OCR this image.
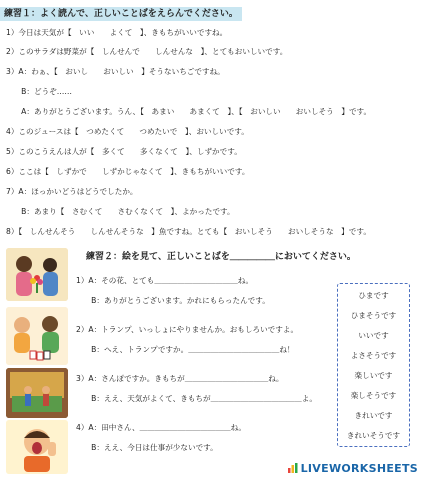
練習１：よく読んで、正しいことばをえらんでください。
1）今日は天気が【　いい　　よくて　】、きもちがいいですね。
2）このサラダは野菜が【　しんせんで　　しんせんな　】、とてもおいしいです。
3）A：わぁ、【　おいし　　おいしい　】そうないちごですね。
　　B：どうぞ……
　　A：ありがとうございます。うん、【　あまい　　あまくて　】、【　おいしい　　おいしそう　】です。
4）このジュースは【　つめたくて　　つめたいで　】、おいしいです。
5）このこうえんは人が【　多くて　　多くなくて　】、しずかです。
6）ここは【　しずかで　　しずかじゃなくて　】、きもちがいいです。
7）A：ほっかいどうはどうでしたか。
　　B：あまり【　さむくて　　さむくなくて　】、よかったです。
8）【　しんせんそう　　しんせんそうな　】魚ですね。とても【　おいしそう　　おいしそうな　】です。
練習２：絵を見て、正しいことばを＿＿＿＿＿においてください。
1）A：その花、とても＿＿＿＿＿＿＿＿＿＿＿ね。
　　B：ありがとうございます。かれにもらったんです。
2）A：トランプ、いっしょにやりませんか。おもしろいですよ。
　　B：へえ、トランプですか。＿＿＿＿＿＿＿＿＿＿＿＿ね！
3）A：さんぽですか。きもちが＿＿＿＿＿＿＿＿＿＿＿ね。
　　B：ええ、天気がよくて、きもちが＿＿＿＿＿＿＿＿＿＿＿＿よ。
4）A：田中さん、＿＿＿＿＿＿＿＿＿＿＿＿ね。
　　B：ええ、今日は仕事が少ないです。
ひまです
ひまそうです
いいです
よさそうです
楽しいです
楽しそうです
きれいです
きれいそうです
LIVEWORKSHEETS
